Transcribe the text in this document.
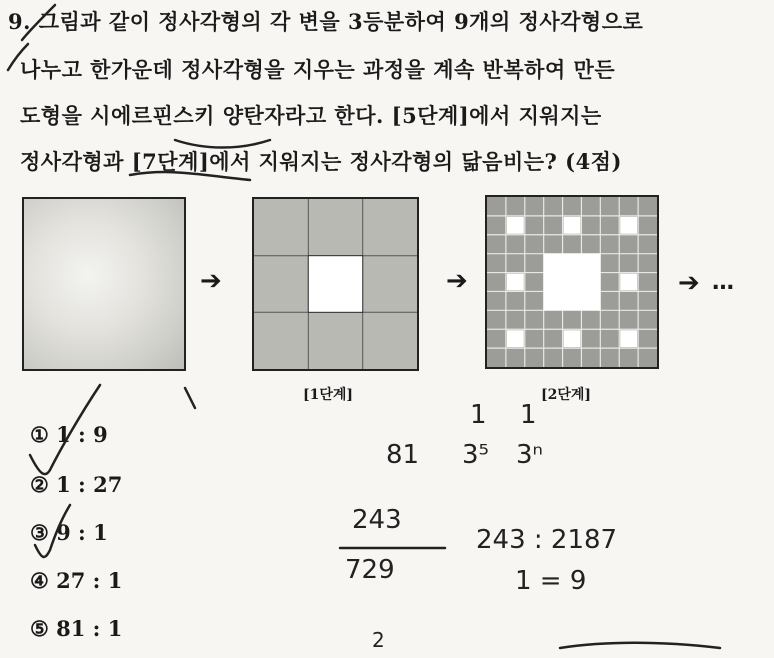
9. 그림과 같이 정사각형의 각 변을 3등분하여 9개의 정사각형으로
나누고 한가운데 정사각형을 지우는 과정을 계속 반복하여 만든
도형을 시에르핀스키 양탄자라고 한다. [5단계]에서 지워지는
정사각형과 [7단계]에서 지워지는 정사각형의 닮음비는? (4점)
➔	➔	➔ …
[1단계]	[2단계]
① 1 : 9
② 1 : 27
③ 9 : 1
④ 27 : 1
⑤ 81 : 1
1
3⁵
1
3ⁿ
81
243
729
243 : 2187
1 = 9
2
